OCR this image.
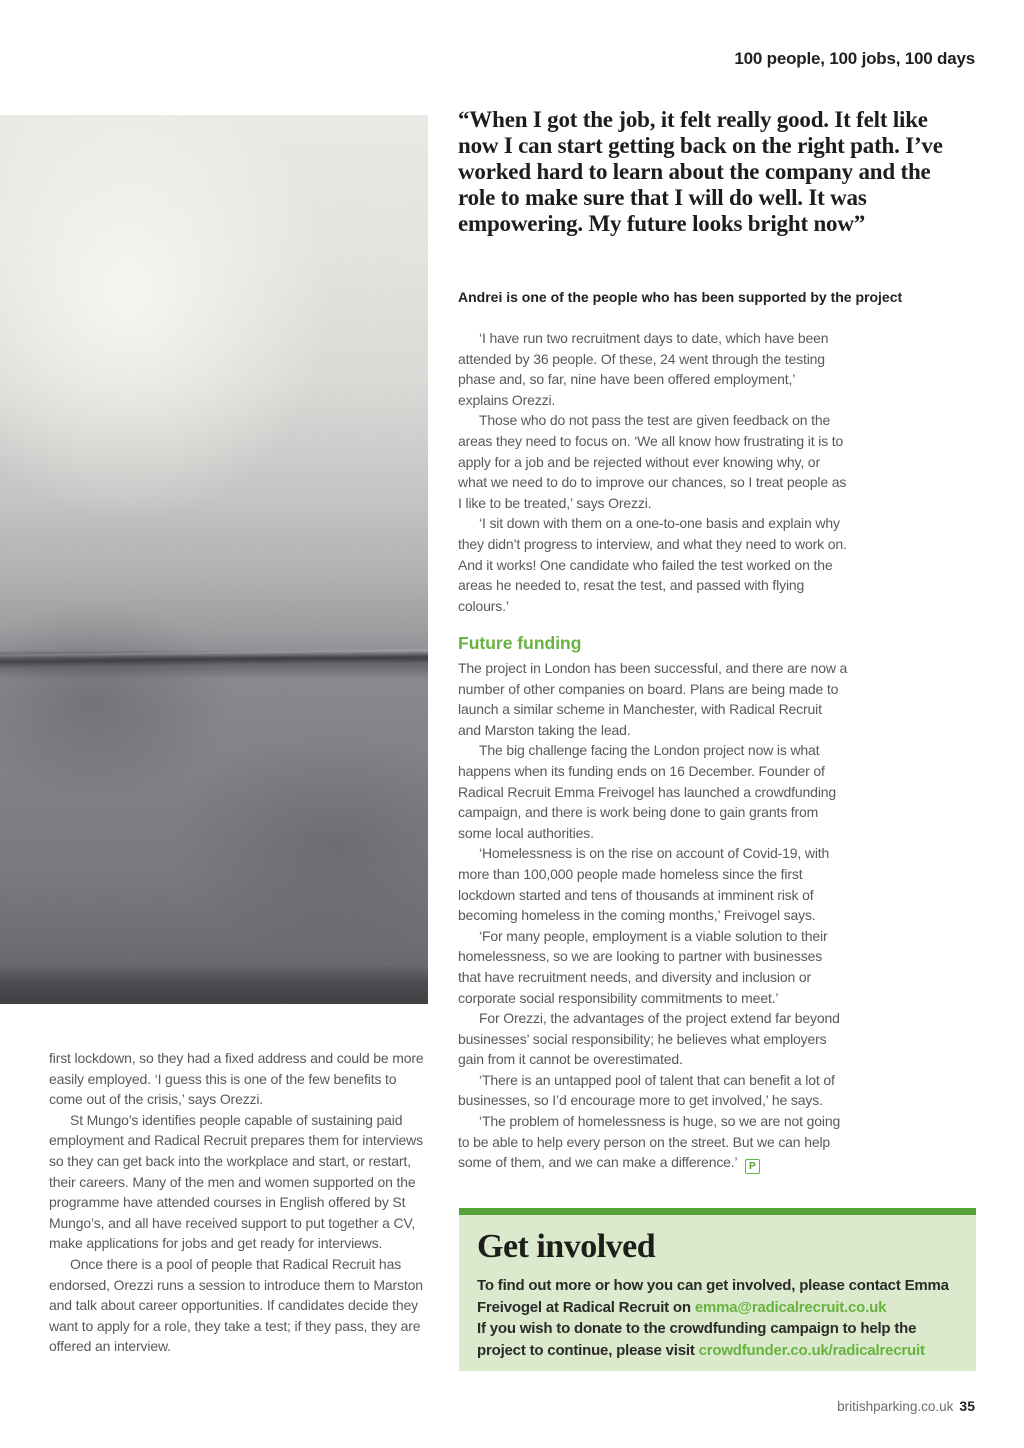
100 people, 100 jobs, 100 days
“When I got the job, it felt really good. It felt like now I can start getting back on the right path. I’ve worked hard to learn about the company and the role to make sure that I will do well. It was empowering. My future looks bright now”
Andrei is one of the people who has been supported by the project

‘I have run two recruitment days to date, which have been attended by 36 people. Of these, 24 went through the testing phase and, so far, nine have been offered employment,’ explains Orezzi.

Those who do not pass the test are given feedback on the areas they need to focus on. ‘We all know how frustrating it is to apply for a job and be rejected without ever knowing why, or what we need to do to improve our chances, so I treat people as I like to be treated,’ says Orezzi.

‘I sit down with them on a one-to-one basis and explain why they didn’t progress to interview, and what they need to work on. And it works! One candidate who failed the test worked on the areas he needed to, resat the test, and passed with flying colours.’

Future funding

The project in London has been successful, and there are now a number of other companies on board. Plans are being made to launch a similar scheme in Manchester, with Radical Recruit and Marston taking the lead.

The big challenge facing the London project now is what happens when its funding ends on 16 December. Founder of Radical Recruit Emma Freivogel has launched a crowdfunding campaign, and there is work being done to gain grants from some local authorities.

‘Homelessness is on the rise on account of Covid-19, with more than 100,000 people made homeless since the first lockdown started and tens of thousands at imminent risk of becoming homeless in the coming months,’ Freivogel says.

‘For many people, employment is a viable solution to their homelessness, so we are looking to partner with businesses that have recruitment needs, and diversity and inclusion or corporate social responsibility commitments to meet.’

For Orezzi, the advantages of the project extend far beyond businesses’ social responsibility; he believes what employers gain from it cannot be overestimated.

‘There is an untapped pool of talent that can benefit a lot of businesses, so I’d encourage more to get involved,’ he says.

‘The problem of homelessness is huge, so we are not going to be able to help every person on the street. But we can help some of them, and we can make a difference.’ P

first lockdown, so they had a fixed address and could be more easily employed. ‘I guess this is one of the few benefits to come out of the crisis,’ says Orezzi.

St Mungo’s identifies people capable of sustaining paid employment and Radical Recruit prepares them for interviews so they can get back into the workplace and start, or restart, their careers. Many of the men and women supported on the programme have attended courses in English offered by St Mungo’s, and all have received support to put together a CV, make applications for jobs and get ready for interviews.

Once there is a pool of people that Radical Recruit has endorsed, Orezzi runs a session to introduce them to Marston and talk about career opportunities. If candidates decide they want to apply for a role, they take a test; if they pass, they are offered an interview.

Get involved

To find out more or how you can get involved, please contact Emma Freivogel at Radical Recruit on emma@radicalrecruit.co.uk
If you wish to donate to the crowdfunding campaign to help the project to continue, please visit crowdfunder.co.uk/radicalrecruit

britishparking.co.uk 35
